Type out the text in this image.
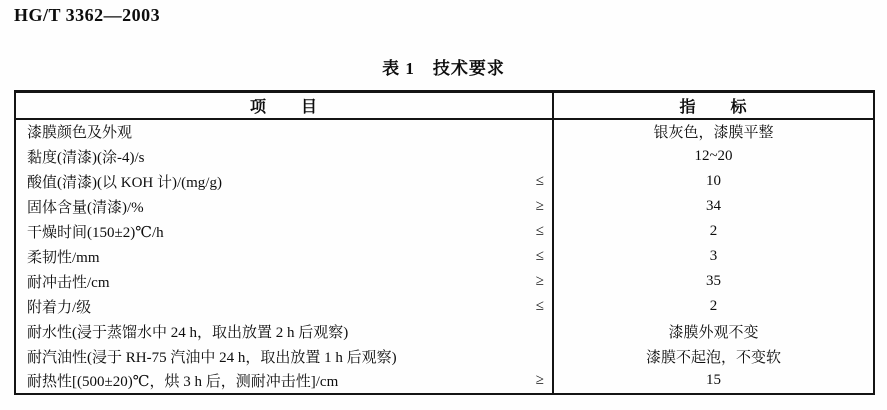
HG/T 3362—2003
表 1　技术要求
项　　目	指　　标

漆膜颜色及外观	银灰色，漆膜平整

黏度(清漆)(涂-4)/s	12~20

酸值(清漆)(以 KOH 计)/(mg/g) ≤	10

固体含量(清漆)/% ≥	34

干燥时间(150±2)℃/h ≤	2

柔韧性/mm ≤	3

耐冲击性/cm ≥	35

附着力/级 ≤	2

耐水性(浸于蒸馏水中 24 h，取出放置 2 h 后观察)	漆膜外观不变

耐汽油性(浸于 RH-75 汽油中 24 h，取出放置 1 h 后观察)	漆膜不起泡，不变软

耐热性[(500±20)℃，烘 3 h 后，测耐冲击性]/cm ≥	15
